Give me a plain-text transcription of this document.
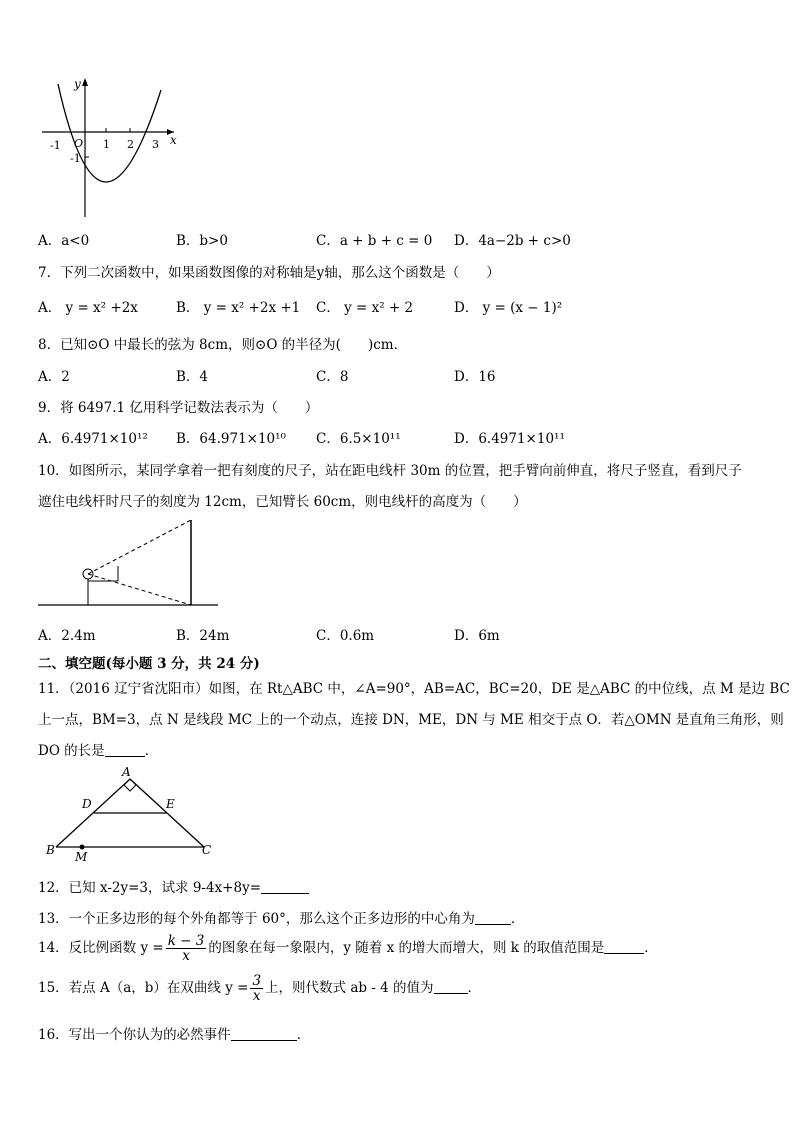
y
x
O
-1	1 2 3
-1
A．a<0	B．b>0	C．a + b + c = 0 D．4a−2b + c>0
7．下列二次函数中，如果函数图像的对称轴是y轴，那么这个函数是（　　）
A． y = x² +2x	B． y = x² +2x +1 C． y = x² + 2	D． y = (x − 1)²
8．已知⊙O 中最长的弦为 8cm，则⊙O 的半径为(　　)cm．
A．2	B．4	C．8	D．16
9．将 6497.1 亿用科学记数法表示为（　　）
A．6.4971×10¹² B．64.971×10¹⁰ C．6.5×10¹¹	D．6.4971×10¹¹
10．如图所示，某同学拿着一把有刻度的尺子，站在距电线杆 30m 的位置，把手臂向前伸直，将尺子竖直，看到尺子
遮住电线杆时尺子的刻度为 12cm，已知臂长 60cm，则电线杆的高度为（　　）
A．2.4m	B．24m	C．0.6m	D．6m
二、填空题(每小题 3 分，共 24 分)
11．（2016 辽宁省沈阳市）如图，在 Rt△ABC 中，∠A=90°，AB=AC，BC=20，DE 是△ABC 的中位线，点 M 是边 BC
上一点，BM=3，点 N 是线段 MC 上的一个动点，连接 DN，ME，DN 与 ME 相交于点 O．若△OMN 是直角三角形，则
DO 的长是	．
A
D	E
B	C
M
12．已知 x-2y=3，试求 9-4x+8y=
13．一个正多边形的每个外角都等于 60°，那么这个正多边形的中心角为	．
14．反比例函数 $y = \frac{k - 3}{x}$ 的图象在每一象限内，y 随着 x 的增大而增大，则 k 的取值范围是	．
15．若点 A（a，b）在双曲线 $y = \frac{3}{x}$ 上，则代数式 ab - 4 的值为	．
16．写出一个你认为的必然事件	．
